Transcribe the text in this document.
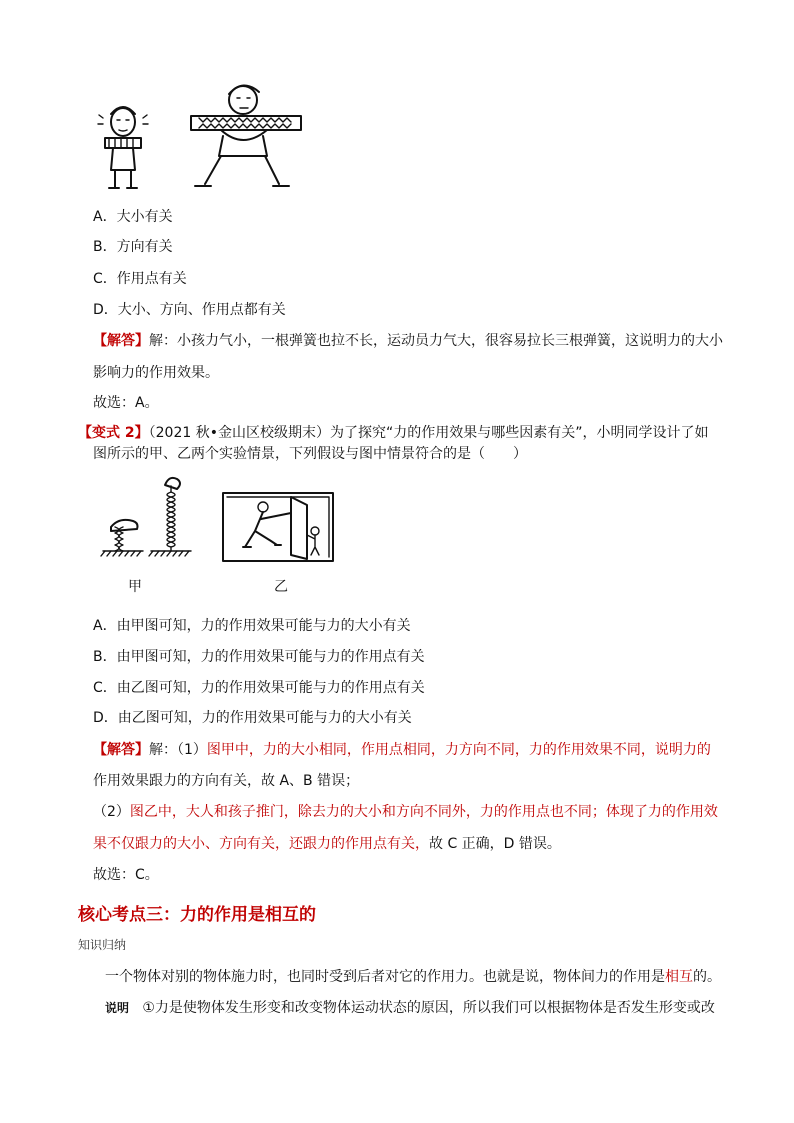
A．大小有关
B．方向有关
C．作用点有关
D．大小、方向、作用点都有关
【解答】解：小孩力气小，一根弹簧也拉不长，运动员力气大，很容易拉长三根弹簧，这说明力的大小
影响力的作用效果。
故选：A。
【变式 2】（2021 秋•金山区校级期末）为了探究“力的作用效果与哪些因素有关”，小明同学设计了如
图所示的甲、乙两个实验情景，下列假设与图中情景符合的是（　　）
甲	乙
A．由甲图可知，力的作用效果可能与力的大小有关
B．由甲图可知，力的作用效果可能与力的作用点有关
C．由乙图可知，力的作用效果可能与力的作用点有关
D．由乙图可知，力的作用效果可能与力的大小有关
【解答】解：（1）图甲中，力的大小相同，作用点相同，力方向不同，力的作用效果不同，说明力的
作用效果跟力的方向有关，故 A、B 错误；
（2）图乙中，大人和孩子推门，除去力的大小和方向不同外，力的作用点也不同；体现了力的作用效
果不仅跟力的大小、方向有关，还跟力的作用点有关，故 C 正确，D 错误。
故选：C。
核心考点三：力的作用是相互的
知识归纳
一个物体对别的物体施力时，也同时受到后者对它的作用力。也就是说，物体间力的作用是相互的。
说明 ①力是使物体发生形变和改变物体运动状态的原因，所以我们可以根据物体是否发生形变或改
